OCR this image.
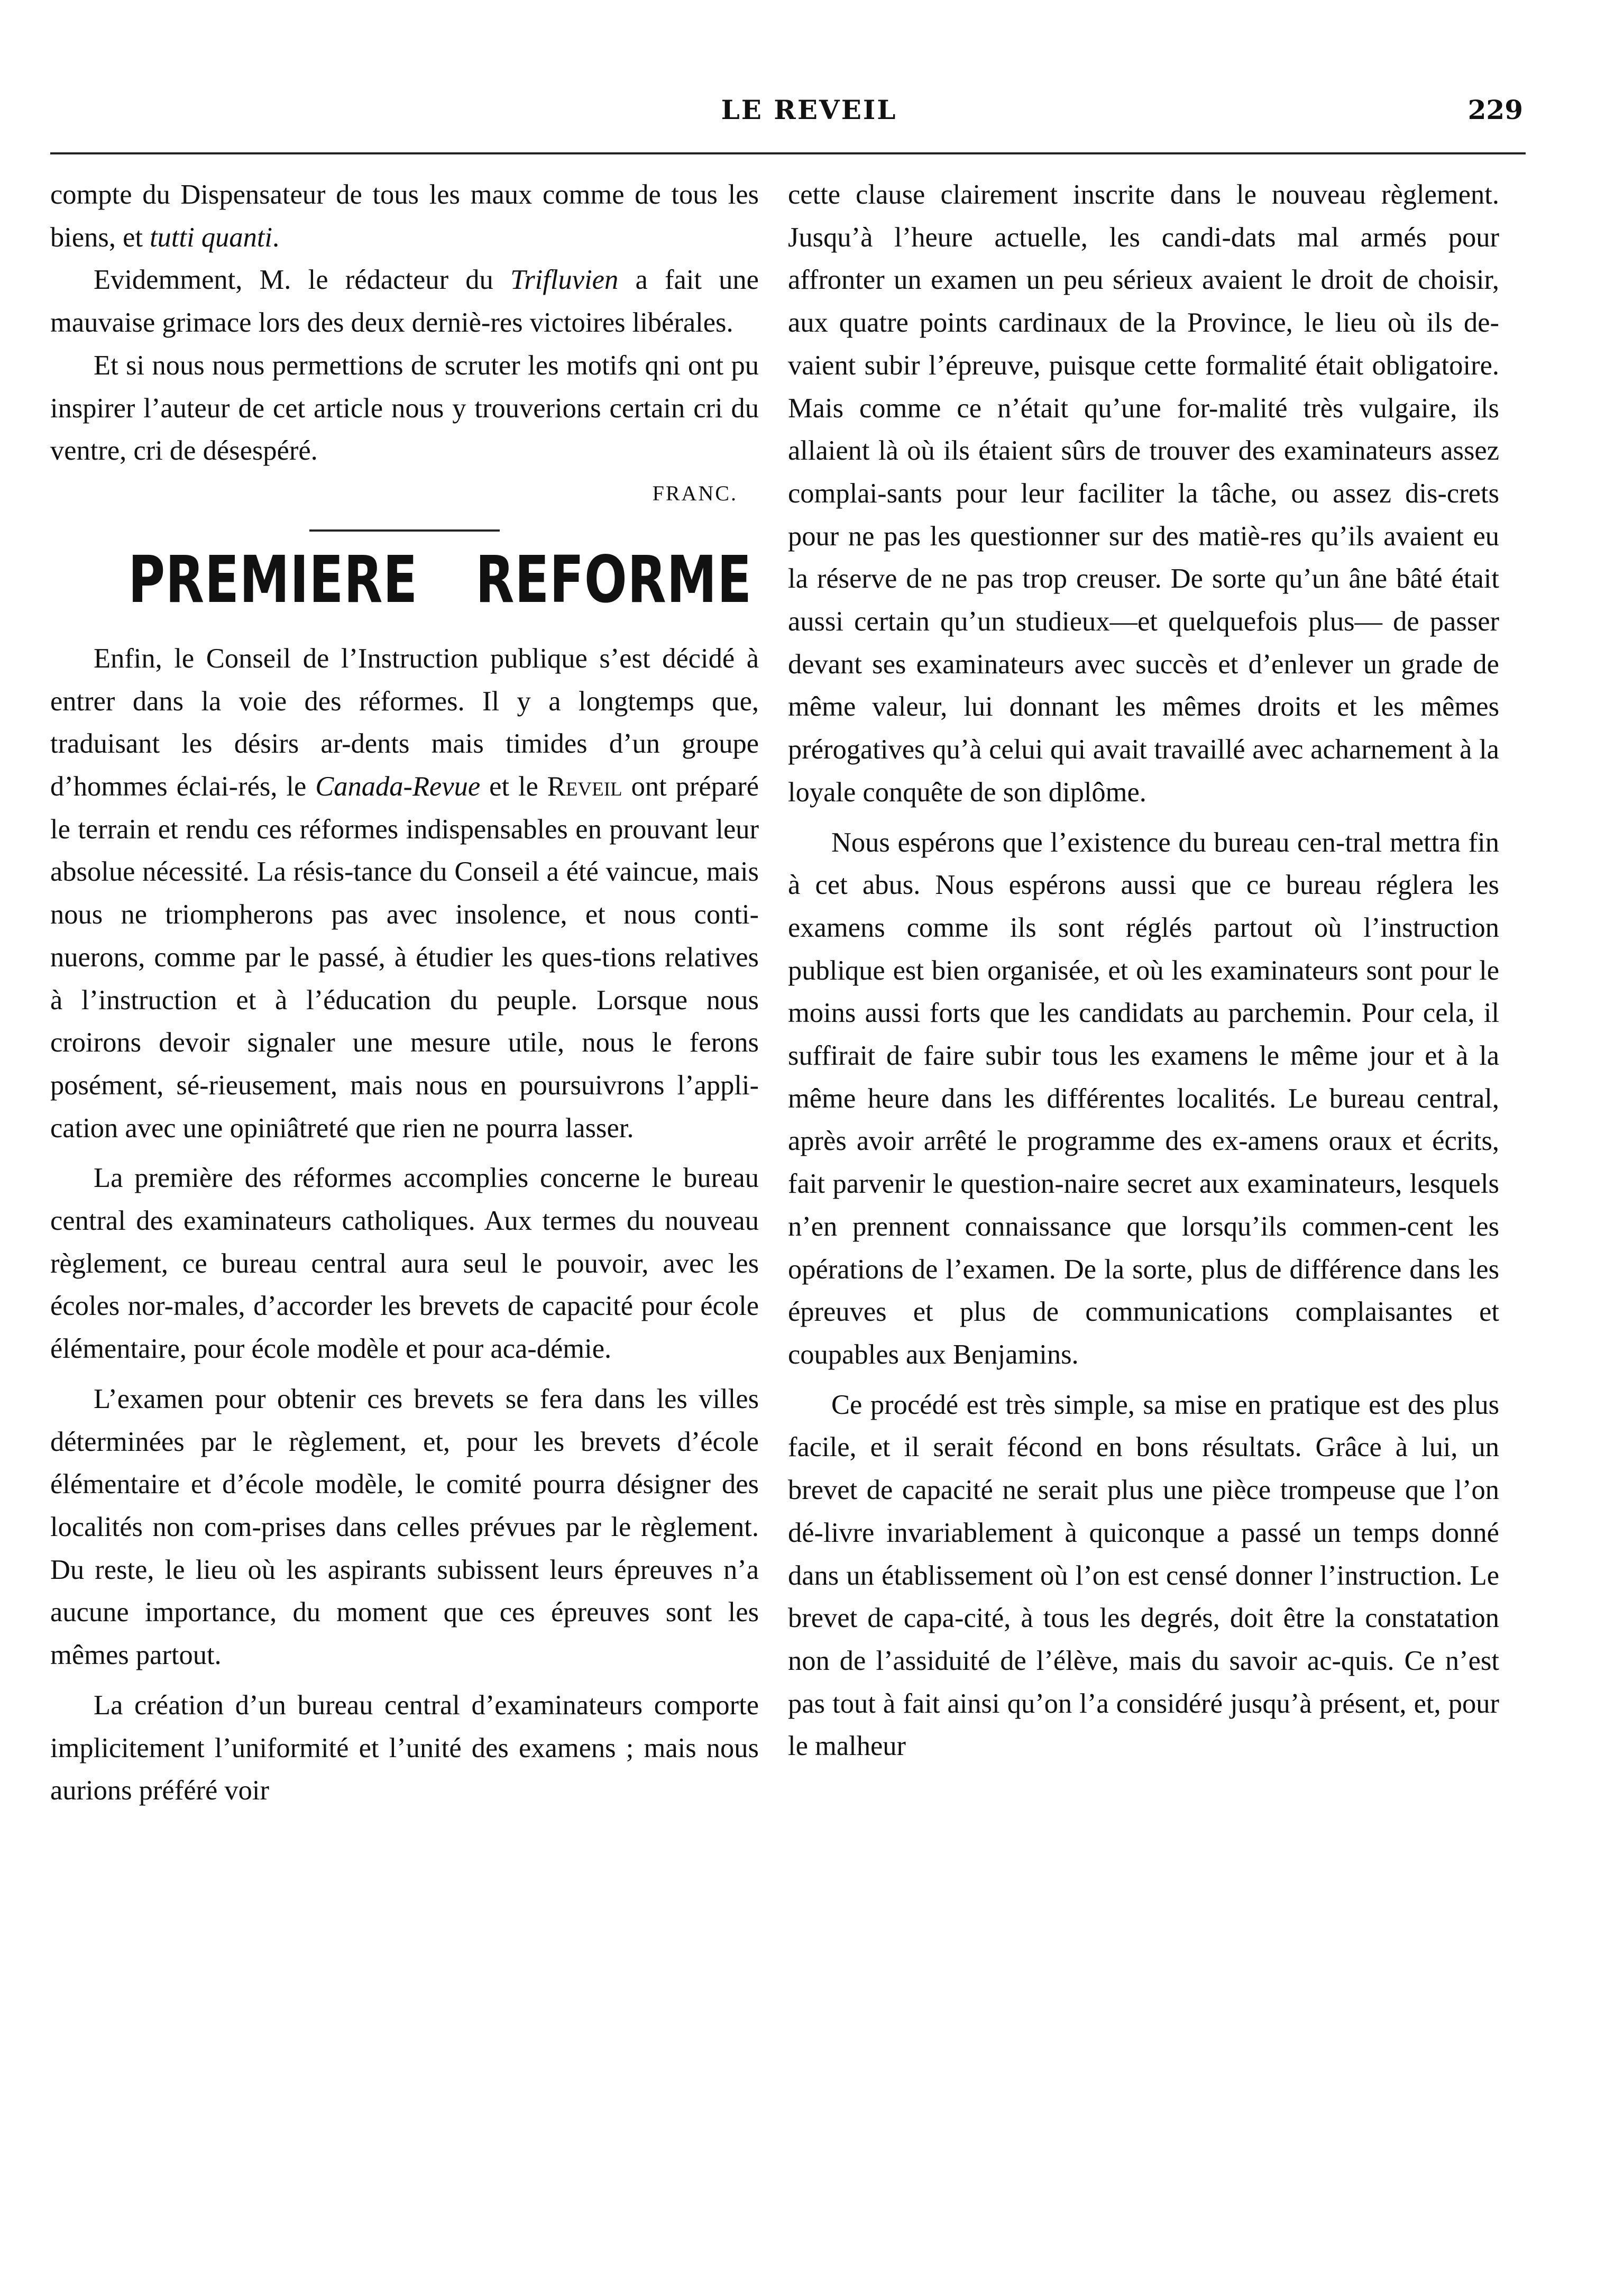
LE REVEIL	229

compte du Dispensateur de tous les maux comme de tous les biens, et tutti quanti.

Evidemment, M. le rédacteur du Trifluvien a fait une mauvaise grimace lors des deux derniè-res victoires libérales.

Et si nous nous permettions de scruter les motifs qni ont pu inspirer l’auteur de cet article nous y trouverions certain cri du ventre, cri de désespéré.

FRANC.
PREMIERE REFORME

Enfin, le Conseil de l’Instruction publique s’est décidé à entrer dans la voie des réformes. Il y a longtemps que, traduisant les désirs ar-dents mais timides d’un groupe d’hommes éclai-rés, le Canada-Revue et le Reveil ont préparé le terrain et rendu ces réformes indispensables en prouvant leur absolue nécessité. La résis-tance du Conseil a été vaincue, mais nous ne triompherons pas avec insolence, et nous conti-nuerons, comme par le passé, à étudier les ques-tions relatives à l’instruction et à l’éducation du peuple. Lorsque nous croirons devoir signaler une mesure utile, nous le ferons posément, sé-rieusement, mais nous en poursuivrons l’appli-cation avec une opiniâtreté que rien ne pourra lasser.

La première des réformes accomplies concerne le bureau central des examinateurs catholiques. Aux termes du nouveau règlement, ce bureau central aura seul le pouvoir, avec les écoles nor-males, d’accorder les brevets de capacité pour école élémentaire, pour école modèle et pour aca-démie.

L’examen pour obtenir ces brevets se fera dans les villes déterminées par le règlement, et, pour les brevets d’école élémentaire et d’école modèle, le comité pourra désigner des localités non com-prises dans celles prévues par le règlement. Du reste, le lieu où les aspirants subissent leurs épreuves n’a aucune importance, du moment que ces épreuves sont les mêmes partout.

La création d’un bureau central d’examinateurs comporte implicitement l’uniformité et l’unité des examens ; mais nous aurions préféré voir

cette clause clairement inscrite dans le nouveau règlement. Jusqu’à l’heure actuelle, les candi-dats mal armés pour affronter un examen un peu sérieux avaient le droit de choisir, aux quatre points cardinaux de la Province, le lieu où ils de-vaient subir l’épreuve, puisque cette formalité était obligatoire. Mais comme ce n’était qu’une for-malité très vulgaire, ils allaient là où ils étaient sûrs de trouver des examinateurs assez complai-sants pour leur faciliter la tâche, ou assez dis-crets pour ne pas les questionner sur des matiè-res qu’ils avaient eu la réserve de ne pas trop creuser. De sorte qu’un âne bâté était aussi certain qu’un studieux—et quelquefois plus— de passer devant ses examinateurs avec succès et d’enlever un grade de même valeur, lui donnant les mêmes droits et les mêmes prérogatives qu’à celui qui avait travaillé avec acharnement à la loyale conquête de son diplôme.

Nous espérons que l’existence du bureau cen-tral mettra fin à cet abus. Nous espérons aussi que ce bureau réglera les examens comme ils sont réglés partout où l’instruction publique est bien organisée, et où les examinateurs sont pour le moins aussi forts que les candidats au parchemin. Pour cela, il suffirait de faire subir tous les examens le même jour et à la même heure dans les différentes localités. Le bureau central, après avoir arrêté le programme des ex-amens oraux et écrits, fait parvenir le question-naire secret aux examinateurs, lesquels n’en prennent connaissance que lorsqu’ils commen-cent les opérations de l’examen. De la sorte, plus de différence dans les épreuves et plus de communications complaisantes et coupables aux Benjamins.

Ce procédé est très simple, sa mise en pratique est des plus facile, et il serait fécond en bons résultats. Grâce à lui, un brevet de capacité ne serait plus une pièce trompeuse que l’on dé-livre invariablement à quiconque a passé un temps donné dans un établissement où l’on est censé donner l’instruction. Le brevet de capa-cité, à tous les degrés, doit être la constatation non de l’assiduité de l’élève, mais du savoir ac-quis. Ce n’est pas tout à fait ainsi qu’on l’a considéré jusqu’à présent, et, pour le malheur
